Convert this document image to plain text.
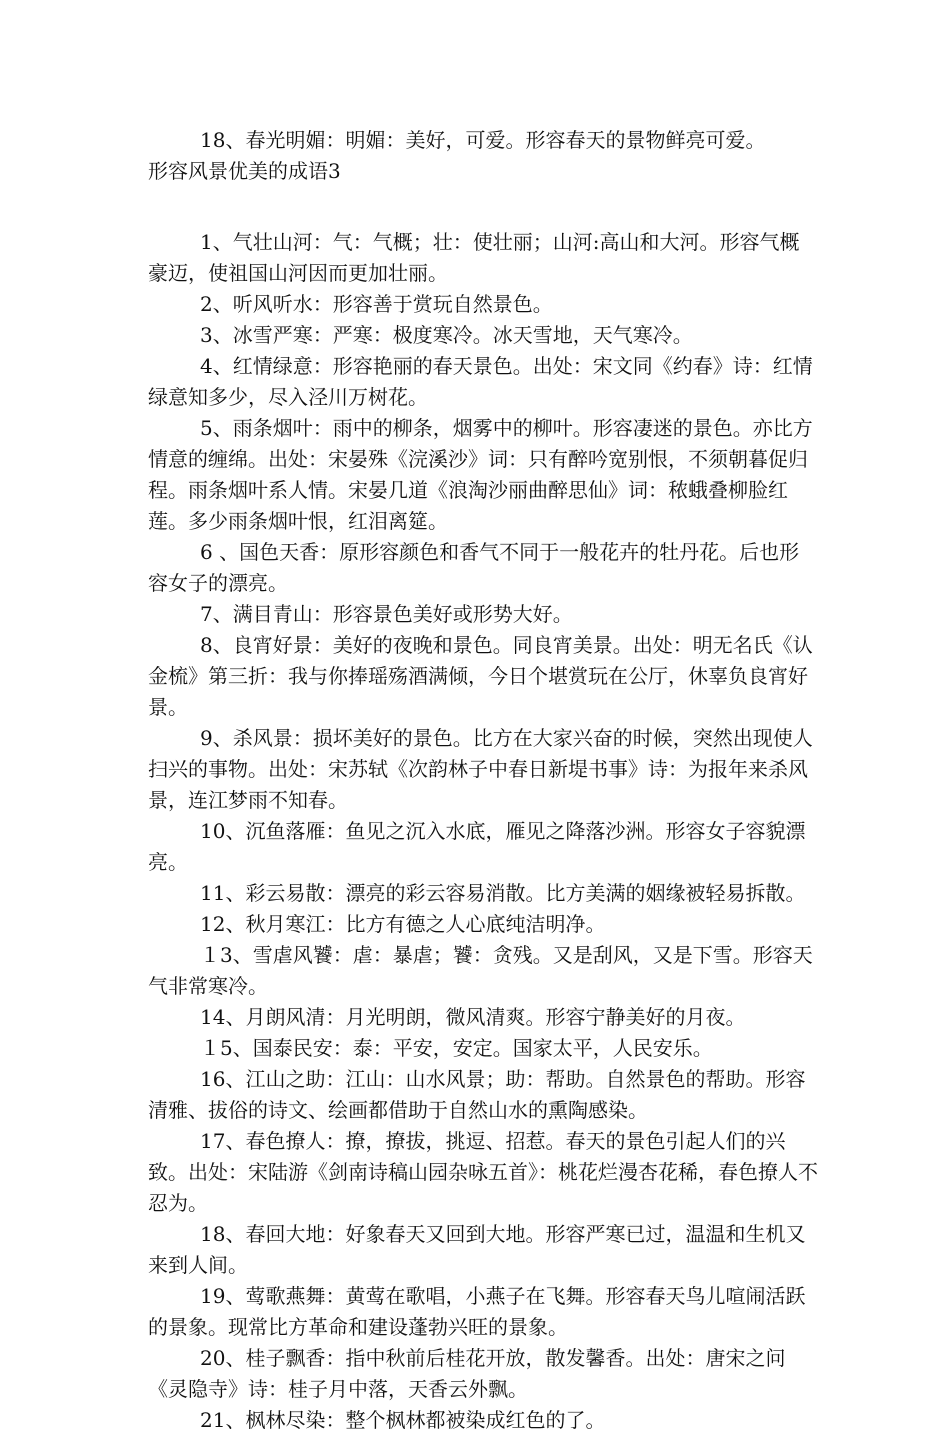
18、春光明媚：明媚：美好，可爱。形容春天的景物鲜亮可爱。

形容风景优美的成语3

1、气壮山河：气：气概；壮：使壮丽；山河:高山和大河。形容气概豪迈，使祖国山河因而更加壮丽。

2、听风听水：形容善于赏玩自然景色。

3、冰雪严寒：严寒：极度寒冷。冰天雪地，天气寒冷。

4、红情绿意：形容艳丽的春天景色。出处：宋文同《约春》诗：红情绿意知多少，尽入泾川万树花。

5、雨条烟叶：雨中的柳条，烟雾中的柳叶。形容凄迷的景色。亦比方情意的缠绵。出处：宋晏殊《浣溪沙》词：只有醉吟宽别恨，不须朝暮促归程。雨条烟叶系人情。宋晏几道《浪淘沙丽曲醉思仙》词：秾蛾叠柳脸红莲。多少雨条烟叶恨，红泪离筵。

6 、国色天香：原形容颜色和香气不同于一般花卉的牡丹花。后也形容女子的漂亮。

7、满目青山：形容景色美好或形势大好。

8、良宵好景：美好的夜晚和景色。同良宵美景。出处：明无名氏《认金梳》第三折：我与你捧瑶殇酒满倾，今日个堪赏玩在公厅，休辜负良宵好景。

9、杀风景：损坏美好的景色。比方在大家兴奋的时候，突然出现使人扫兴的事物。出处：宋苏轼《次韵林子中春日新堤书事》诗：为报年来杀风景，连江梦雨不知春。

10、沉鱼落雁：鱼见之沉入水底，雁见之降落沙洲。形容女子容貌漂亮。

11、彩云易散：漂亮的彩云容易消散。比方美满的姻缘被轻易拆散。

12、秋月寒江：比方有德之人心底纯洁明净。

１3、雪虐风饕：虐：暴虐；饕：贪残。又是刮风，又是下雪。形容天气非常寒冷。

14、月朗风清：月光明朗，微风清爽。形容宁静美好的月夜。

１5、国泰民安：泰：平安，安定。国家太平，人民安乐。

16、江山之助：江山：山水风景；助：帮助。自然景色的帮助。形容清雅、拔俗的诗文、绘画都借助于自然山水的熏陶感染。

17、春色撩人：撩，撩拔，挑逗、招惹。春天的景色引起人们的兴致。出处：宋陆游《剑南诗稿山园杂咏五首》：桃花烂漫杏花稀，春色撩人不忍为。

18、春回大地：好象春天又回到大地。形容严寒已过，温温和生机又来到人间。

19、莺歌燕舞：黄莺在歌唱，小燕子在飞舞。形容春天鸟儿喧闹活跃的景象。现常比方革命和建设蓬勃兴旺的景象。

20、桂子飘香：指中秋前后桂花开放，散发馨香。出处：唐宋之问《灵隐寺》诗：桂子月中落，天香云外飘。

21、枫林尽染：整个枫林都被染成红色的了。
